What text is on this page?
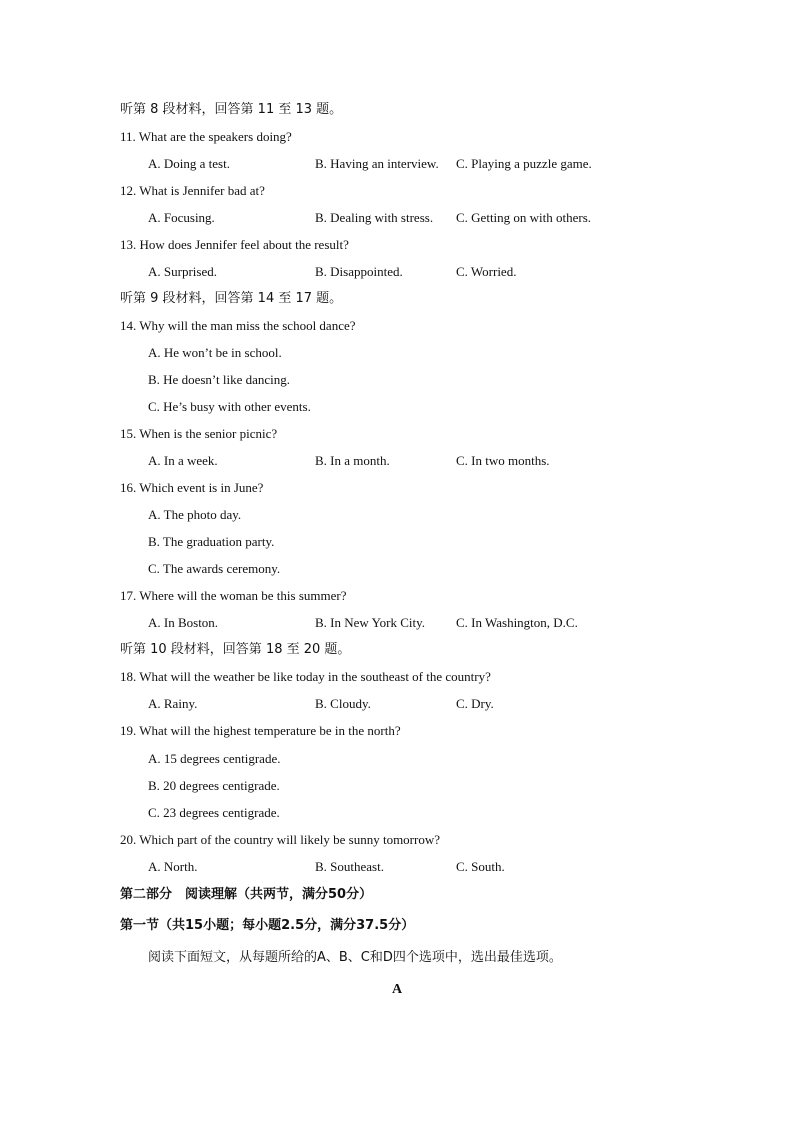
听第 8 段材料，回答第 11 至 13 题。
11. What are the speakers doing?
A. Doing a test.	B. Having an interview. C. Playing a puzzle game.
12. What is Jennifer bad at?
A. Focusing.	B. Dealing with stress. C. Getting on with others.
13. How does Jennifer feel about the result?
A. Surprised.	B. Disappointed.	C. Worried.
听第 9 段材料，回答第 14 至 17 题。
14. Why will the man miss the school dance?
A. He won’t be in school.
B. He doesn’t like dancing.
C. He’s busy with other events.
15. When is the senior picnic?
A. In a week.	B. In a month.	C. In two months.
16. Which event is in June?
A. The photo day.
B. The graduation party.
C. The awards ceremony.
17. Where will the woman be this summer?
A. In Boston.	B. In New York City. C. In Washington, D.C.
听第 10 段材料，回答第 18 至 20 题。
18. What will the weather be like today in the southeast of the country?
A. Rainy.	B. Cloudy.	C. Dry.
19. What will the highest temperature be in the north?
A. 15 degrees centigrade.
B. 20 degrees centigrade.
C. 23 degrees centigrade.
20. Which part of the country will likely be sunny tomorrow?
A. North.	B. Southeast.	C. South.
第二部分　阅读理解（共两节，满分50分）
第一节（共15小题；每小题2.5分，满分37.5分）
阅读下面短文，从每题所给的A、B、C和D四个选项中，选出最佳选项。
A
